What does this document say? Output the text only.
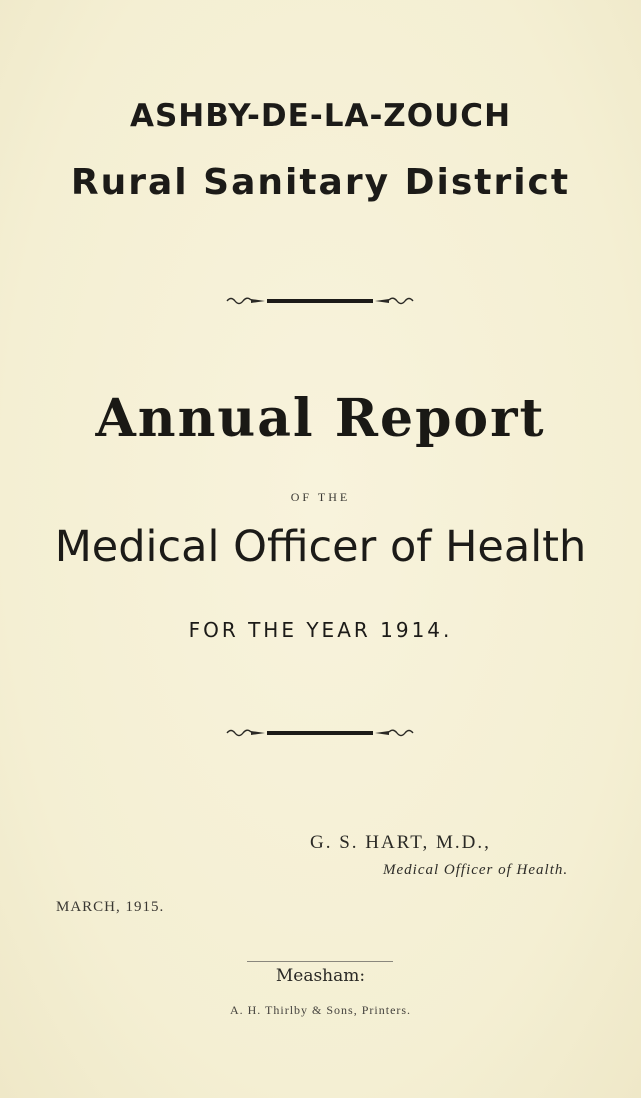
ASHBY-DE-LA-ZOUCH
Rural Sanitary District
Annual Report
OF THE
Medical Officer of Health
FOR THE YEAR 1914.
G. S. HART, M.D.,
Medical Officer of Health.
MARCH, 1915.
Measham:
A. H. Thirlby & Sons, Printers.
